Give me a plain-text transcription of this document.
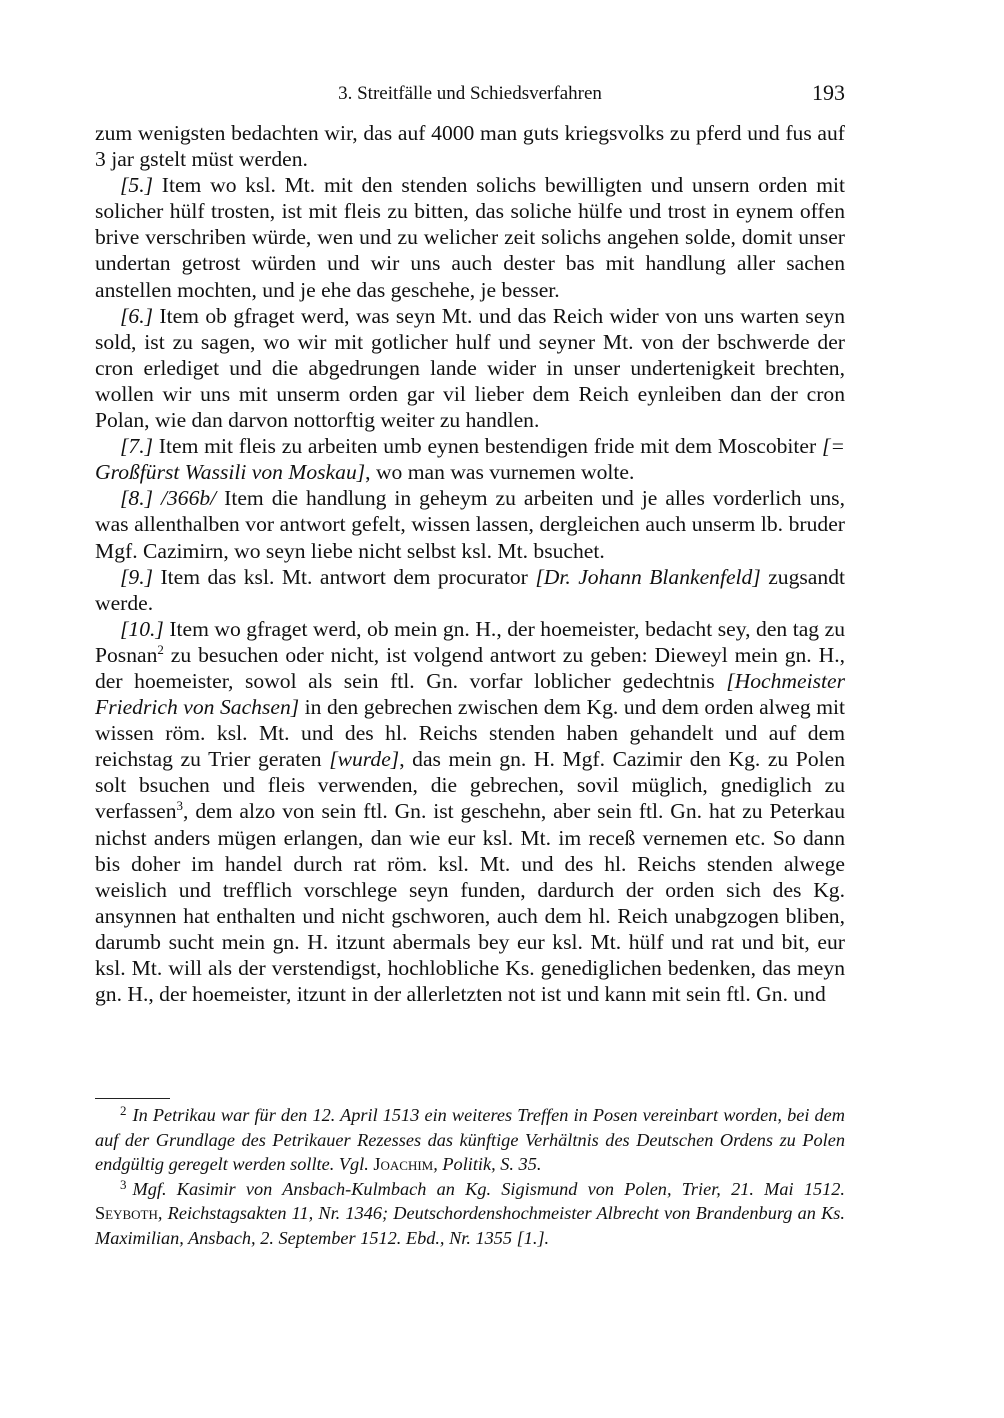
3. Streitfälle und Schiedsverfahren	193

zum wenigsten bedachten wir, das auf 4000 man guts kriegsvolks zu pferd und fus auf 3 jar gstelt müst werden.

[5.] Item wo ksl. Mt. mit den stenden solichs bewilligten und unsern orden mit solicher hülf trosten, ist mit fleis zu bitten, das soliche hülfe und trost in eynem offen brive verschriben würde, wen und zu welicher zeit solichs angehen solde, domit unser undertan getrost würden und wir uns auch dester bas mit handlung aller sachen anstellen mochten, und je ehe das geschehe, je besser.

[6.] Item ob gfraget werd, was seyn Mt. und das Reich wider von uns warten seyn sold, ist zu sagen, wo wir mit gotlicher hulf und seyner Mt. von der bschwerde der cron erlediget und die abgedrungen lande wider in unser undertenigkeit brechten, wollen wir uns mit unserm orden gar vil lieber dem Reich eynleiben dan der cron Polan, wie dan darvon nottorftig weiter zu handlen.

[7.] Item mit fleis zu arbeiten umb eynen bestendigen fride mit dem Moscobiter [= Großfürst Wassili von Moskau], wo man was vurnemen wolte.

[8.] /366b/ Item die handlung in geheym zu arbeiten und je alles vorderlich uns, was allenthalben vor antwort gefelt, wissen lassen, dergleichen auch unserm lb. bruder Mgf. Cazimirn, wo seyn liebe nicht selbst ksl. Mt. bsuchet.

[9.] Item das ksl. Mt. antwort dem procurator [Dr. Johann Blankenfeld] zugsandt werde.

[10.] Item wo gfraget werd, ob mein gn. H., der hoemeister, bedacht sey, den tag zu Posnan$^2$ zu besuchen oder nicht, ist volgend antwort zu geben: Dieweyl mein gn. H., der hoemeister, sowol als sein ftl. Gn. vorfar loblicher gedechtnis [Hochmeister Friedrich von Sachsen] in den gebrechen zwischen dem Kg. und dem orden alweg mit wissen röm. ksl. Mt. und des hl. Reichs stenden haben gehandelt und auf dem reichstag zu Trier geraten [wurde], das mein gn. H. Mgf. Cazimir den Kg. zu Polen solt bsuchen und fleis verwenden, die gebrechen, sovil müglich, gnediglich zu verfassen$^3$, dem alzo von sein ftl. Gn. ist geschehn, aber sein ftl. Gn. hat zu Peterkau nichst anders mügen erlangen, dan wie eur ksl. Mt. im receß vernemen etc. So dann bis doher im handel durch rat röm. ksl. Mt. und des hl. Reichs stenden alwege weislich und trefflich vorschlege seyn funden, dardurch der orden sich des Kg. ansynnen hat enthalten und nicht gschworen, auch dem hl. Reich unabgzogen bliben, darumb sucht mein gn. H. itzunt abermals bey eur ksl. Mt. hülf und rat und bit, eur ksl. Mt. will als der verstendigst, hochlobliche Ks. genediglichen bedenken, das meyn gn. H., der hoemeister, itzunt in der allerletzten not ist und kann mit sein ftl. Gn. und

$^2$ In Petrikau war für den 12. April 1513 ein weiteres Treffen in Posen vereinbart worden, bei dem auf der Grundlage des Petrikauer Rezesses das künftige Verhältnis des Deutschen Ordens zu Polen endgültig geregelt werden sollte. Vgl. Joachim, Politik, S. 35.

$^3$ Mgf. Kasimir von Ansbach-Kulmbach an Kg. Sigismund von Polen, Trier, 21. Mai 1512. Seyboth, Reichstagsakten 11, Nr. 1346; Deutschordenshochmeister Albrecht von Brandenburg an Ks. Maximilian, Ansbach, 2. September 1512. Ebd., Nr. 1355 [1.].
